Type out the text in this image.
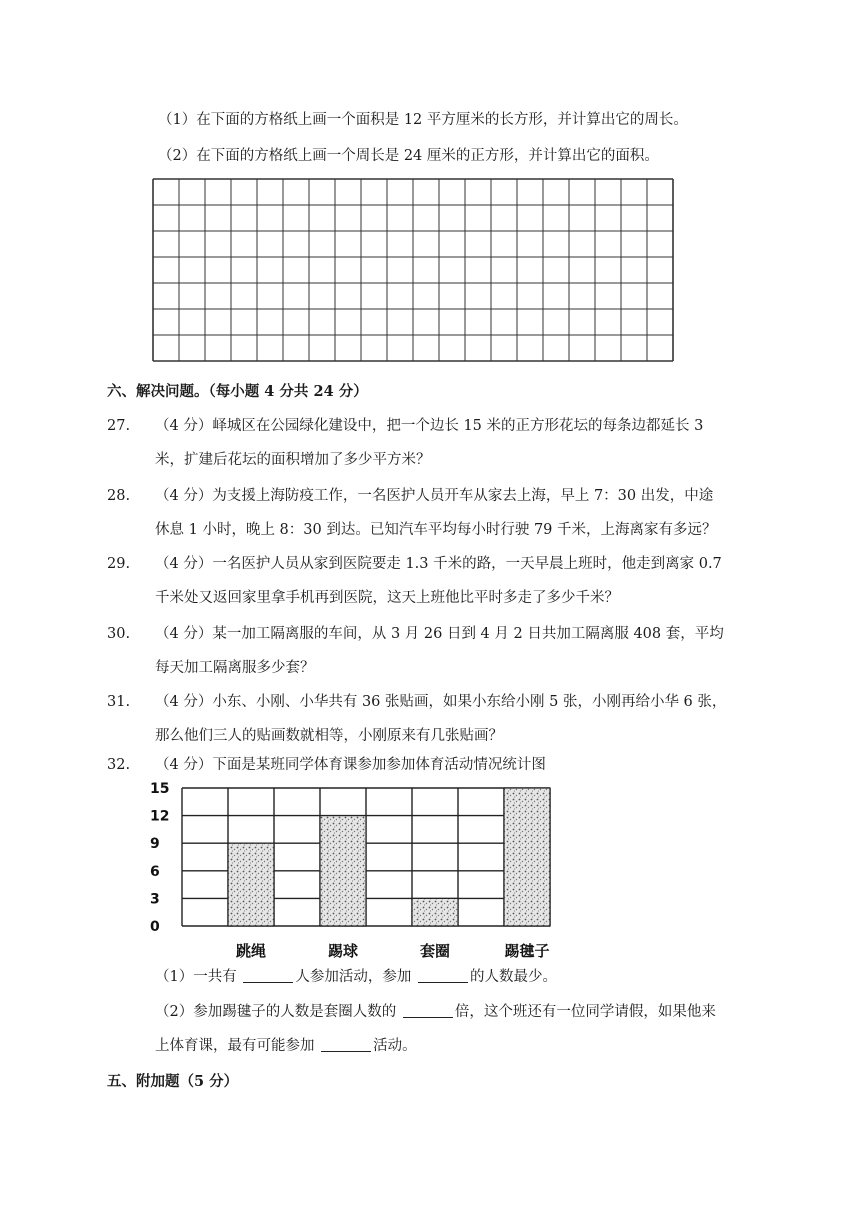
（1）在下面的方格纸上画一个面积是 12 平方厘米的长方形，并计算出它的周长。
（2）在下面的方格纸上画一个周长是 24 厘米的正方形，并计算出它的面积。
六、解决问题。（每小题 4 分共 24 分）
27. （4 分）峄城区在公园绿化建设中，把一个边长 15 米的正方形花坛的每条边都延长 3
米，扩建后花坛的面积增加了多少平方米？
28. （4 分）为支援上海防疫工作，一名医护人员开车从家去上海，早上 7：30 出发，中途
休息 1 小时，晚上 8：30 到达。已知汽车平均每小时行驶 79 千米，上海离家有多远？
29. （4 分）一名医护人员从家到医院要走 1.3 千米的路，一天早晨上班时，他走到离家 0.7
千米处又返回家里拿手机再到医院，这天上班他比平时多走了多少千米？
30. （4 分）某一加工隔离服的车间，从 3 月 26 日到 4 月 2 日共加工隔离服 408 套，平均
每天加工隔离服多少套？
31. （4 分）小东、小刚、小华共有 36 张贴画，如果小东给小刚 5 张，小刚再给小华 6 张，
那么他们三人的贴画数就相等，小刚原来有几张贴画？
32. （4 分）下面是某班同学体育课参加参加体育活动情况统计图
0
3
6
9
12
15
跳绳	踢球	套圈	踢毽子
（1）一共有	人参加活动，参加	的人数最少。
（2）参加踢毽子的人数是套圈人数的	倍，这个班还有一位同学请假，如果他来
上体育课，最有可能参加	活动。
五、附加题（5 分）
